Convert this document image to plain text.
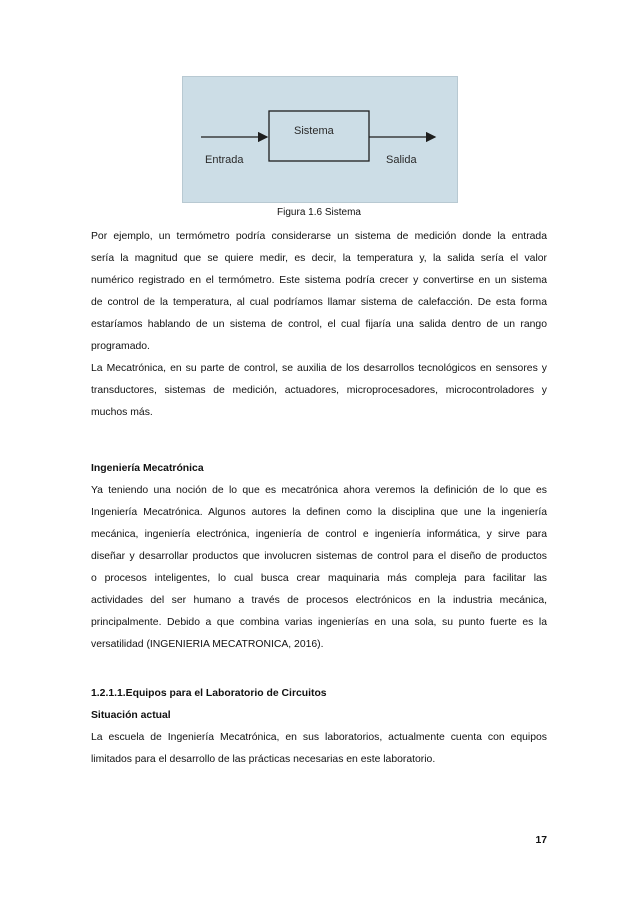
Sistema
Entrada	Salida
Figura 1.6 Sistema
Por ejemplo, un termómetro podría considerarse un sistema de medición donde la entrada
sería la magnitud que se quiere medir, es decir, la temperatura y, la salida sería el valor
numérico registrado en el termómetro. Este sistema podría crecer y convertirse en un sistema
de control de la temperatura, al cual podríamos llamar sistema de calefacción. De esta forma
estaríamos hablando de un sistema de control, el cual fijaría una salida dentro de un rango
programado.
La Mecatrónica, en su parte de control, se auxilia de los desarrollos tecnológicos en sensores y
transductores, sistemas de medición, actuadores, microprocesadores, microcontroladores y
muchos más.
Ingeniería Mecatrónica
Ya teniendo una noción de lo que es mecatrónica ahora veremos la definición de lo que es
Ingeniería Mecatrónica. Algunos autores la definen como la disciplina que une la ingeniería
mecánica, ingeniería electrónica, ingeniería de control e ingeniería informática, y sirve para
diseñar y desarrollar productos que involucren sistemas de control para el diseño de productos
o procesos inteligentes, lo cual busca crear maquinaria más compleja para facilitar las
actividades del ser humano a través de procesos electrónicos en la industria mecánica,
principalmente. Debido a que combina varias ingenierías en una sola, su punto fuerte es la
versatilidad (INGENIERIA MECATRONICA, 2016).
1.2.1.1.Equipos para el Laboratorio de Circuitos
Situación actual
La escuela de Ingeniería Mecatrónica, en sus laboratorios, actualmente cuenta con equipos
limitados para el desarrollo de las prácticas necesarias en este laboratorio.
17
